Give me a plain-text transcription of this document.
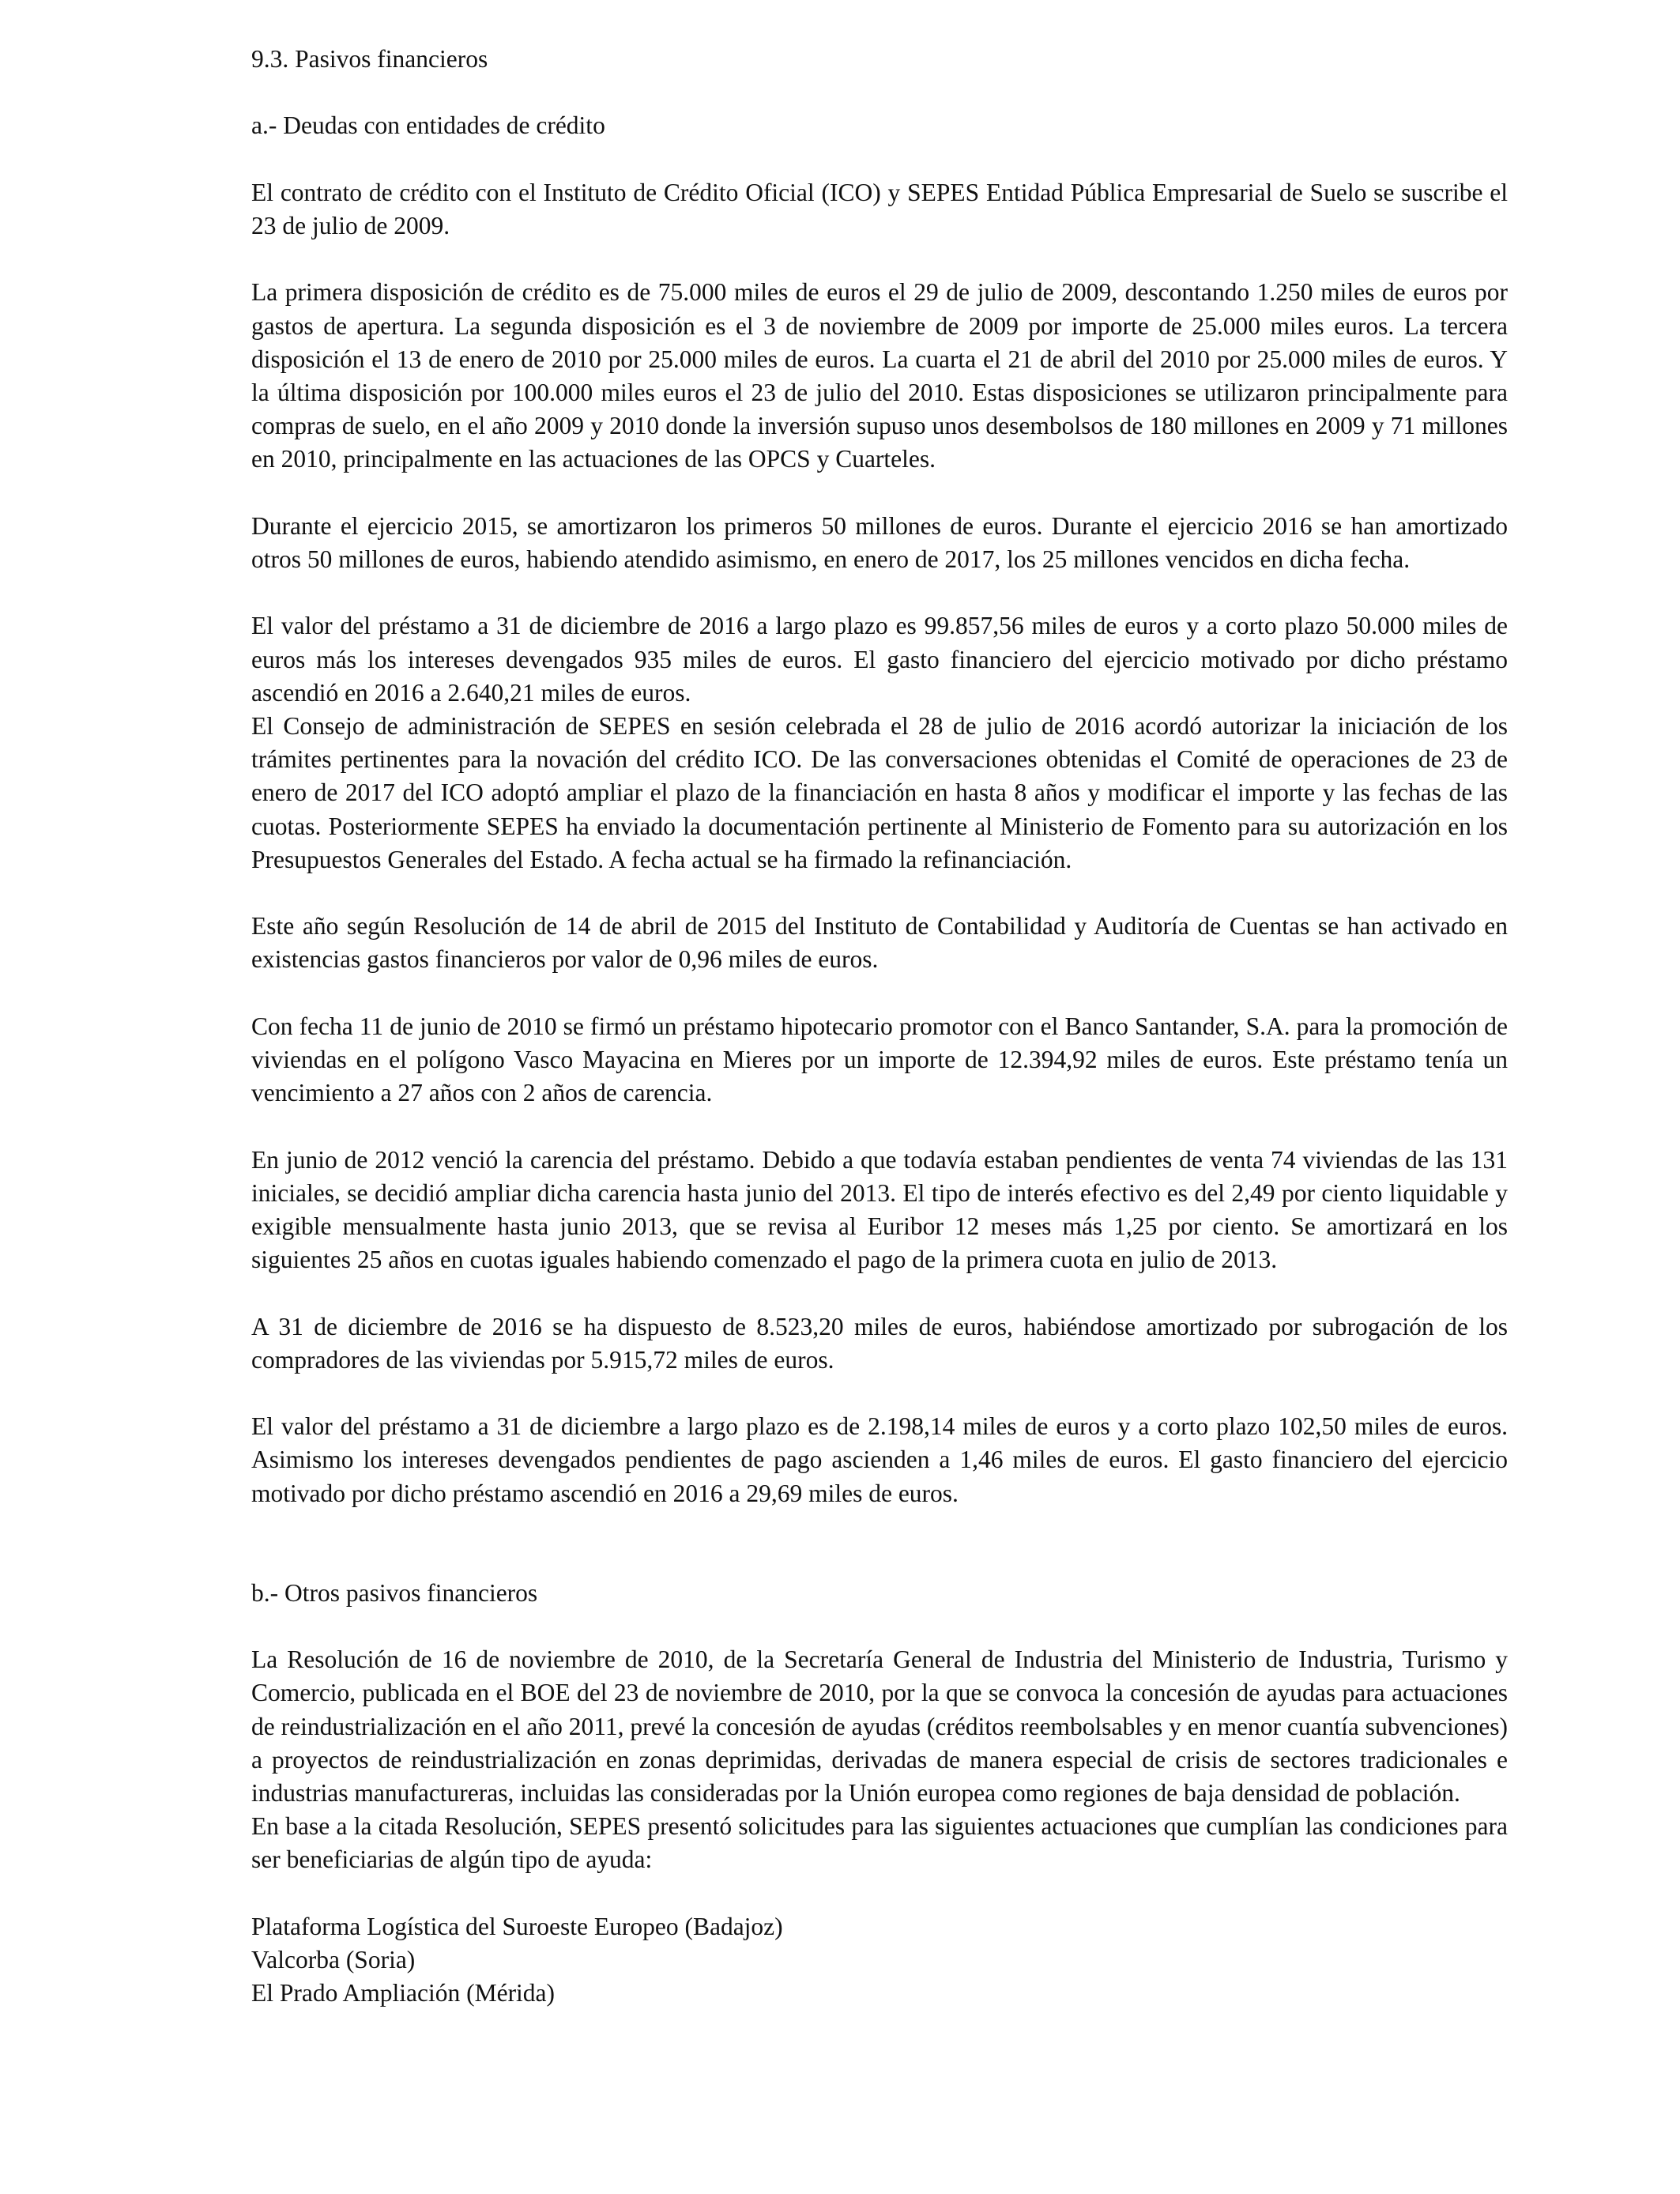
9.3. Pasivos financieros
a.- Deudas con entidades de crédito

El contrato de crédito con el Instituto de Crédito Oficial (ICO) y SEPES Entidad Pública Empresarial de Suelo se suscribe el 23 de julio de 2009.

La primera disposición de crédito es de 75.000 miles de euros el 29 de julio de 2009, descontando 1.250 miles de euros por gastos de apertura. La segunda disposición es el 3 de noviembre de 2009 por importe de 25.000 miles euros. La tercera disposición el 13 de enero de 2010 por 25.000 miles de euros. La cuarta el 21 de abril del 2010 por 25.000 miles de euros. Y la última disposición por 100.000 miles euros el 23 de julio del 2010. Estas disposiciones se utilizaron principalmente para compras de suelo, en el año 2009 y 2010 donde la inversión supuso unos desembolsos de 180 millones en 2009 y 71 millones en 2010, principalmente en las actuaciones de las OPCS y Cuarteles.

Durante el ejercicio 2015, se amortizaron los primeros 50 millones de euros. Durante el ejercicio 2016 se han amortizado otros 50 millones de euros, habiendo atendido asimismo, en enero de 2017, los 25 millones vencidos en dicha fecha.

El valor del préstamo a 31 de diciembre de 2016 a largo plazo es 99.857,56 miles de euros y a corto plazo 50.000 miles de euros más los intereses devengados 935 miles de euros. El gasto financiero del ejercicio motivado por dicho préstamo ascendió en 2016 a 2.640,21 miles de euros.

El Consejo de administración de SEPES en sesión celebrada el 28 de julio de 2016 acordó autorizar la iniciación de los trámites pertinentes para la novación del crédito ICO. De las conversaciones obtenidas el Comité de operaciones de 23 de enero de 2017 del ICO adoptó ampliar el plazo de la financiación en hasta 8 años y modificar el importe y las fechas de las cuotas. Posteriormente SEPES ha enviado la documentación pertinente al Ministerio de Fomento para su autorización en los Presupuestos Generales del Estado. A fecha actual se ha firmado la refinanciación.

Este año según Resolución de 14 de abril de 2015 del Instituto de Contabilidad y Auditoría de Cuentas se han activado en existencias gastos financieros por valor de 0,96 miles de euros.

Con fecha 11 de junio de 2010 se firmó un préstamo hipotecario promotor con el Banco Santander, S.A. para la promoción de viviendas en el polígono Vasco Mayacina en Mieres por un importe de 12.394,92 miles de euros. Este préstamo tenía un vencimiento a 27 años con 2 años de carencia.

En junio de 2012 venció la carencia del préstamo. Debido a que todavía estaban pendientes de venta 74 viviendas de las 131 iniciales, se decidió ampliar dicha carencia hasta junio del 2013. El tipo de interés efectivo es del 2,49 por ciento liquidable y exigible mensualmente hasta junio 2013, que se revisa al Euribor 12 meses más 1,25 por ciento. Se amortizará en los siguientes 25 años en cuotas iguales habiendo comenzado el pago de la primera cuota en julio de 2013.

A 31 de diciembre de 2016 se ha dispuesto de 8.523,20 miles de euros, habiéndose amortizado por subrogación de los compradores de las viviendas por 5.915,72 miles de euros.

El valor del préstamo a 31 de diciembre a largo plazo es de 2.198,14 miles de euros y a corto plazo 102,50 miles de euros. Asimismo los intereses devengados pendientes de pago ascienden a 1,46 miles de euros. El gasto financiero del ejercicio motivado por dicho préstamo ascendió en 2016 a 29,69 miles de euros.

b.- Otros pasivos financieros

La Resolución de 16 de noviembre de 2010, de la Secretaría General de Industria del Ministerio de Industria, Turismo y Comercio, publicada en el BOE del 23 de noviembre de 2010, por la que se convoca la concesión de ayudas para actuaciones de reindustrialización en el año 2011, prevé la concesión de ayudas (créditos reembolsables y en menor cuantía subvenciones) a proyectos de reindustrialización en zonas deprimidas, derivadas de manera especial de crisis de sectores tradicionales e industrias manufactureras, incluidas las consideradas por la Unión europea como regiones de baja densidad de población.

En base a la citada Resolución, SEPES presentó solicitudes para las siguientes actuaciones que cumplían las condiciones para ser beneficiarias de algún tipo de ayuda:

Plataforma Logística del Suroeste Europeo (Badajoz)
Valcorba (Soria)
El Prado Ampliación (Mérida)
